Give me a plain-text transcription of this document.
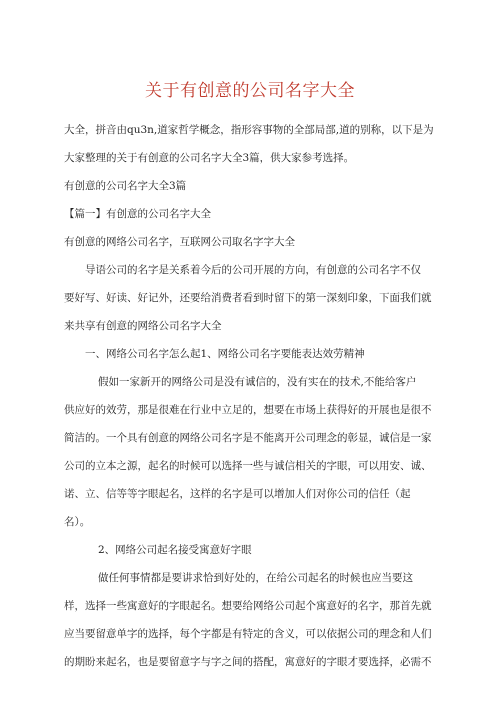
关于有创意的公司名字大全
大全，拼音由qu3n,道家哲学概念，指形容事物的全部局部,道的别称，以下是为
大家整理的关于有创意的公司名字大全3篇，供大家参考选择。
有创意的公司名字大全3篇
【篇一】有创意的公司名字大全
有创意的网络公司名字，互联网公司取名字字大全
导语公司的名字是关系着今后的公司开展的方向，有创意的公司名字不仅
要好写、好读、好记外，还要给消费者看到时留下的第一深刻印象，下面我们就
来共享有创意的网络公司名字大全
一、网络公司名字怎么起1、网络公司名字要能表达效劳精神
假如一家新开的网络公司是没有诚信的，没有实在的技术,不能给客户
供应好的效劳，那是很难在行业中立足的，想要在市场上获得好的开展也是很不
简洁的。一个具有创意的网络公司名字是不能离开公司理念的彰显，诚信是一家
公司的立本之源，起名的时候可以选择一些与诚信相关的字眼，可以用安、诚、
诺、立、信等等字眼起名，这样的名字是可以增加人们对你公司的信任（起
名）。
2、网络公司起名接受寓意好字眼
做任何事情都是要讲求恰到好处的，在给公司起名的时候也应当要这
样，选择一些寓意好的字眼起名。想要给网络公司起个寓意好的名字，那首先就
应当要留意单字的选择，每个字都是有特定的含义，可以依据公司的理念和人们
的期盼来起名，也是要留意字与字之间的搭配，寓意好的字眼才要选择，必需不
